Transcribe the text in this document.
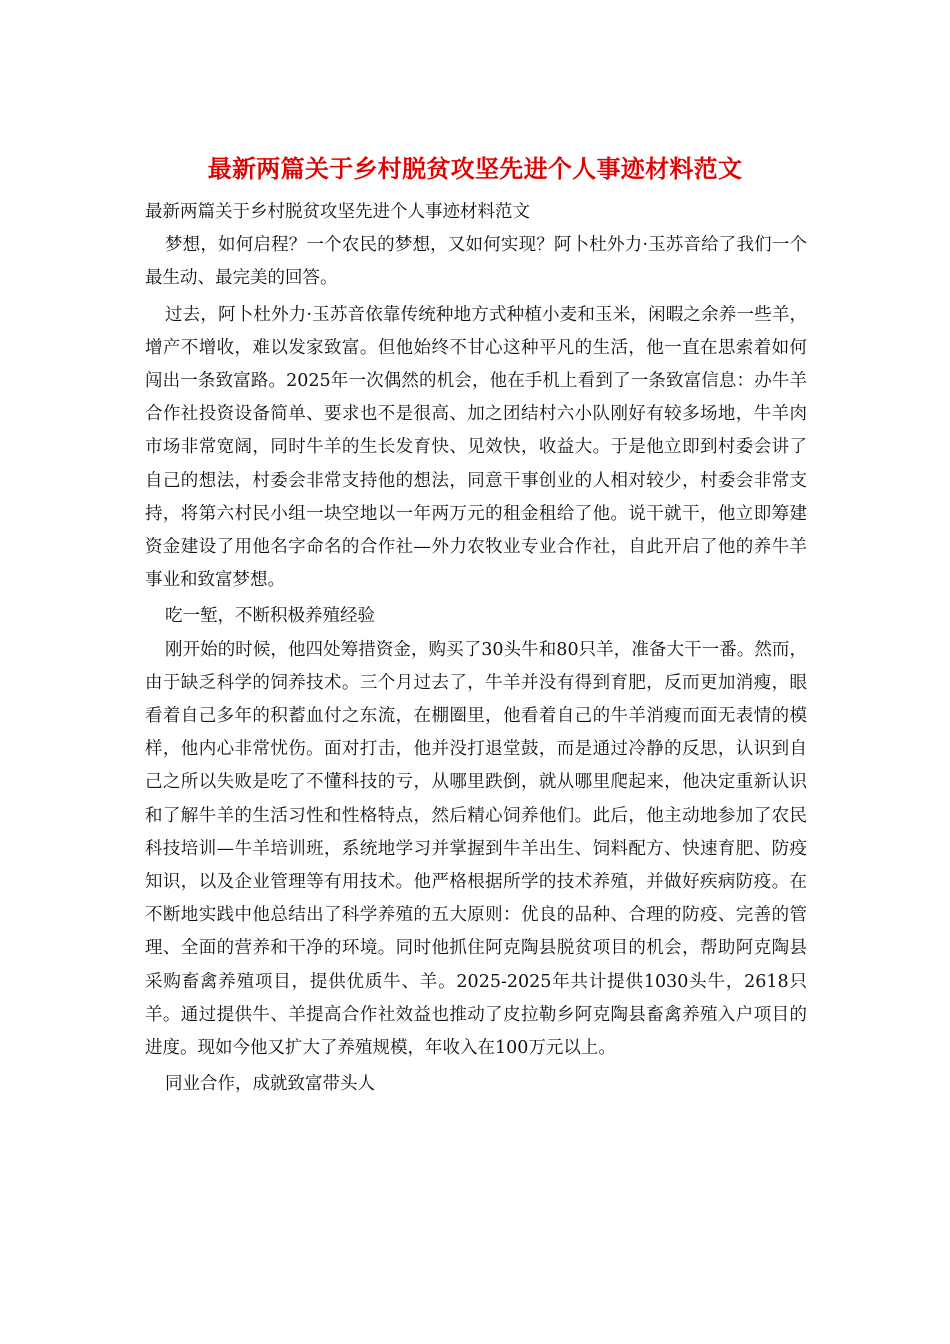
最新两篇关于乡村脱贫攻坚先进个人事迹材料范文

最新两篇关于乡村脱贫攻坚先进个人事迹材料范文

梦想，如何启程？一个农民的梦想，又如何实现？阿卜杜外力·玉苏音给了我们一个最生动、最完美的回答。

过去，阿卜杜外力·玉苏音依靠传统种地方式种植小麦和玉米，闲暇之余养一些羊，增产不增收，难以发家致富。但他始终不甘心这种平凡的生活，他一直在思索着如何闯出一条致富路。2025年一次偶然的机会，他在手机上看到了一条致富信息：办牛羊合作社投资设备简单、要求也不是很高、加之团结村六小队刚好有较多场地，牛羊肉市场非常宽阔，同时牛羊的生长发育快、见效快，收益大。于是他立即到村委会讲了自己的想法，村委会非常支持他的想法，同意干事创业的人相对较少，村委会非常支持，将第六村民小组一块空地以一年两万元的租金租给了他。说干就干，他立即筹建资金建设了用他名字命名的合作社—外力农牧业专业合作社，自此开启了他的养牛羊事业和致富梦想。

吃一堑，不断积极养殖经验

刚开始的时候，他四处筹措资金，购买了30头牛和80只羊，准备大干一番。然而，由于缺乏科学的饲养技术。三个月过去了，牛羊并没有得到育肥，反而更加消瘦，眼看着自己多年的积蓄血付之东流，在棚圈里，他看着自己的牛羊消瘦而面无表情的模样，他内心非常忧伤。面对打击，他并没打退堂鼓，而是通过冷静的反思，认识到自己之所以失败是吃了不懂科技的亏，从哪里跌倒，就从哪里爬起来，他决定重新认识和了解牛羊的生活习性和性格特点，然后精心饲养他们。此后，他主动地参加了农民科技培训—牛羊培训班，系统地学习并掌握到牛羊出生、饲料配方、快速育肥、防疫知识，以及企业管理等有用技术。他严格根据所学的技术养殖，并做好疾病防疫。在不断地实践中他总结出了科学养殖的五大原则：优良的品种、合理的防疫、完善的管理、全面的营养和干净的环境。同时他抓住阿克陶县脱贫项目的机会，帮助阿克陶县采购畜禽养殖项目，提供优质牛、羊。2025-2025年共计提供1030头牛，2618只羊。通过提供牛、羊提高合作社效益也推动了皮拉勒乡阿克陶县畜禽养殖入户项目的进度。现如今他又扩大了养殖规模，年收入在100万元以上。

同业合作，成就致富带头人
